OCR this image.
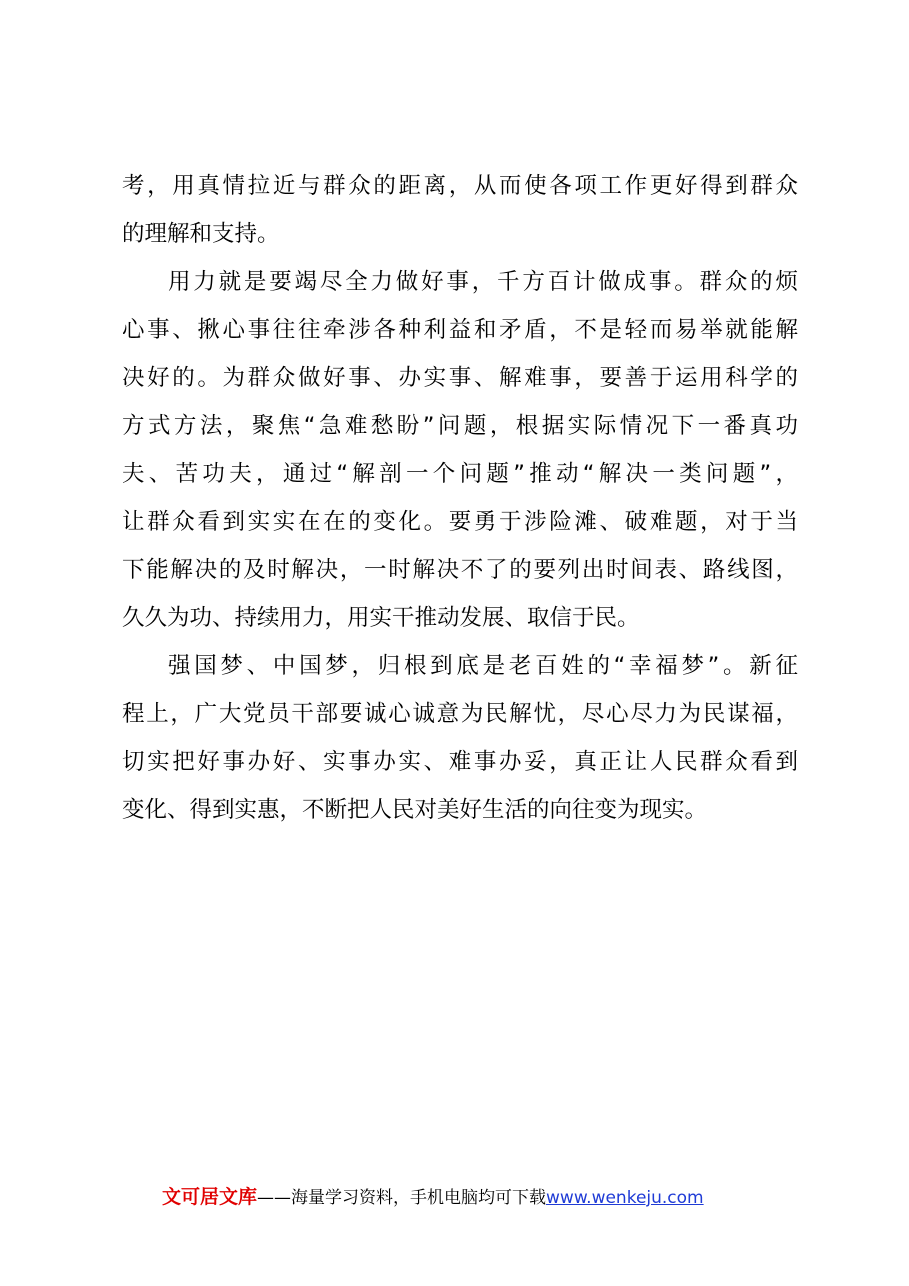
考，用真情拉近与群众的距离，从而使各项工作更好得到群众
的理解和支持。
用力就是要竭尽全力做好事，千方百计做成事。群众的烦
心事、揪心事往往牵涉各种利益和矛盾，不是轻而易举就能解
决好的。为群众做好事、办实事、解难事，要善于运用科学的
方式方法，聚焦“急难愁盼”问题，根据实际情况下一番真功
夫、苦功夫，通过“解剖一个问题”推动“解决一类问题”，
让群众看到实实在在的变化。要勇于涉险滩、破难题，对于当
下能解决的及时解决，一时解决不了的要列出时间表、路线图，
久久为功、持续用力，用实干推动发展、取信于民。
强国梦、中国梦，归根到底是老百姓的“幸福梦”。新征
程上，广大党员干部要诚心诚意为民解忧，尽心尽力为民谋福，
切实把好事办好、实事办实、难事办妥，真正让人民群众看到
变化、得到实惠，不断把人民对美好生活的向往变为现实。
文可居文库——海量学习资料，手机电脑均可下载www.wenkeju.com
